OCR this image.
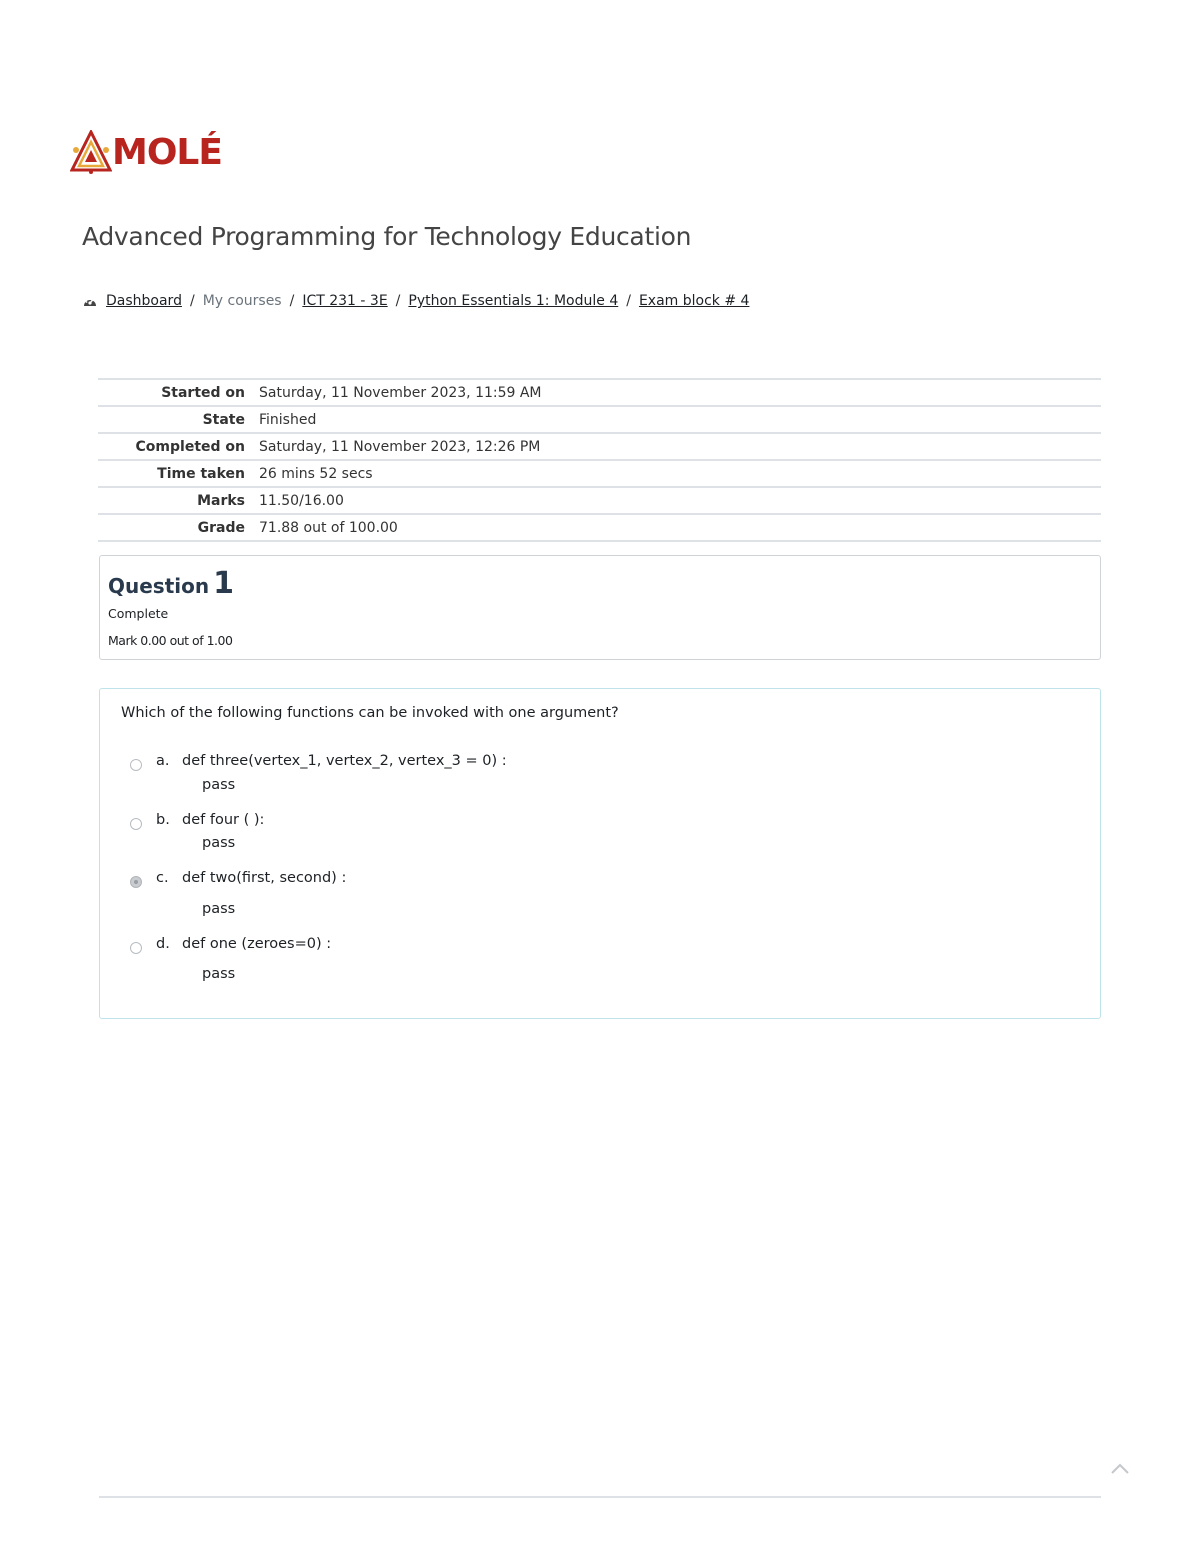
MOLÉ
Advanced Programming for Technology Education
Dashboard / My courses / ICT 231 - 3E / Python Essentials 1: Module 4 / Exam block # 4
Started on	Saturday, 11 November 2023, 11:59 AM
State	Finished
Completed on	Saturday, 11 November 2023, 12:26 PM
Time taken	26 mins 52 secs
Marks	11.50/16.00
Grade	71.88 out of 100.00
Question 1
Complete
Mark 0.00 out of 1.00
Which of the following functions can be invoked with one argument?
a. def three(vertex_1, vertex_2, vertex_3 = 0) :
pass
b. def four ( ):
pass
c. def two(first, second) :
pass
d. def one (zeroes=0) :
pass
